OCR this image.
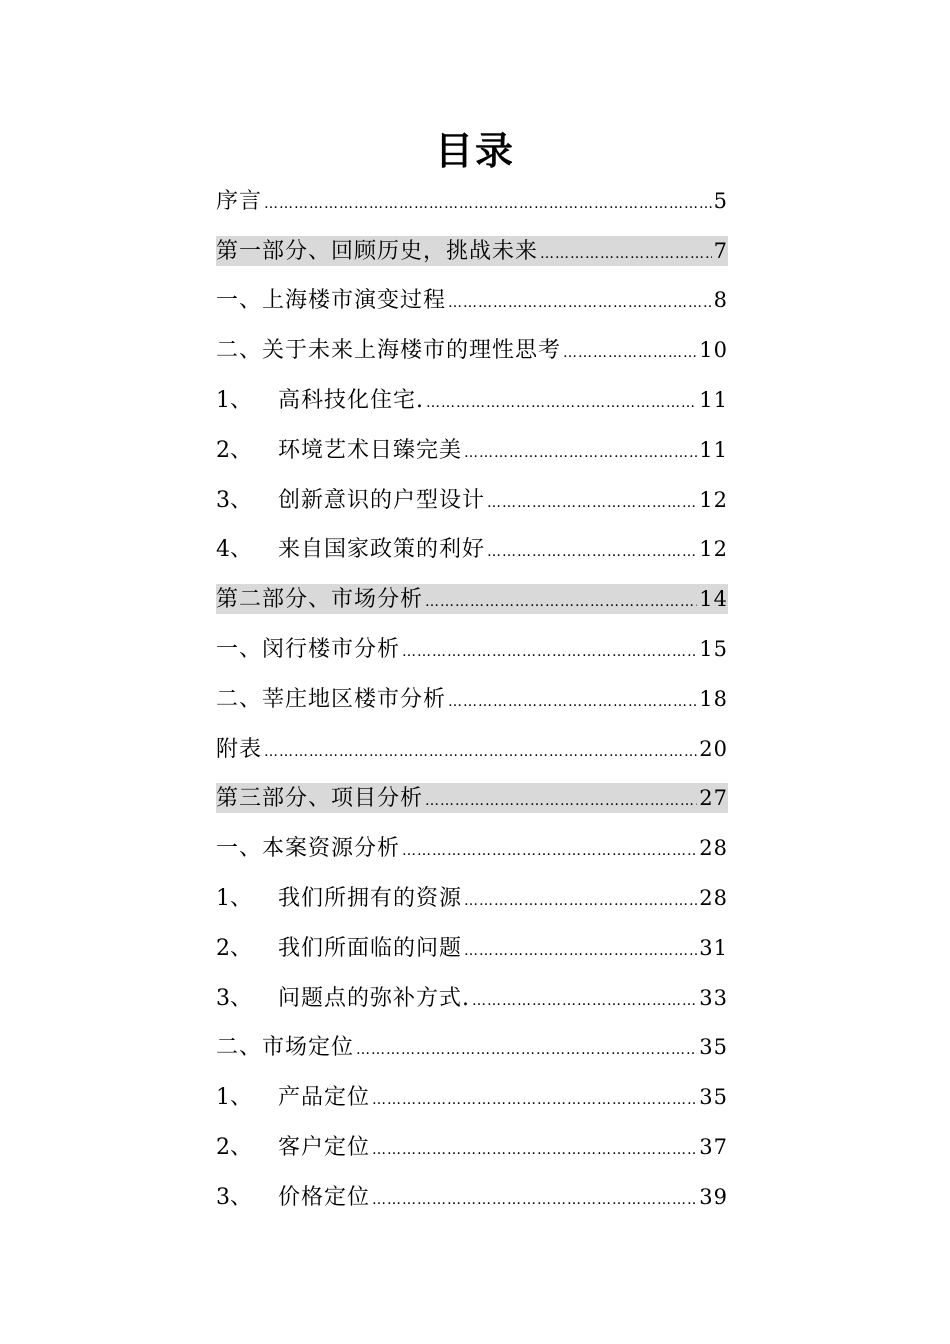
目录
序言 …………………………………………………………………………………………………………	5
第一部分、回顾历史，挑战未来 …………………………………………………………………………………………………………	7
一、上海楼市演变过程 …………………………………………………………………………………………………………	8
二、关于未来上海楼市的理性思考 …………………………………………………………………………………………………………	10
1、	高科技化住宅. …………………………………………………………………………………………………………	11
2、	环境艺术日臻完美 …………………………………………………………………………………………………………	11
3、	创新意识的户型设计 …………………………………………………………………………………………………………	12
4、	来自国家政策的利好 …………………………………………………………………………………………………………	12
第二部分、市场分析 …………………………………………………………………………………………………………	14
一、闵行楼市分析 …………………………………………………………………………………………………………	15
二、莘庄地区楼市分析 …………………………………………………………………………………………………………	18
附表 …………………………………………………………………………………………………………	20
第三部分、项目分析 …………………………………………………………………………………………………………	27
一、本案资源分析 …………………………………………………………………………………………………………	28
1、	我们所拥有的资源 …………………………………………………………………………………………………………	28
2、	我们所面临的问题 …………………………………………………………………………………………………………	31
3、	问题点的弥补方式. …………………………………………………………………………………………………………	33
二、市场定位 …………………………………………………………………………………………………………	35
1、	产品定位 …………………………………………………………………………………………………………	35
2、	客户定位 …………………………………………………………………………………………………………	37
3、	价格定位 …………………………………………………………………………………………………………	39
